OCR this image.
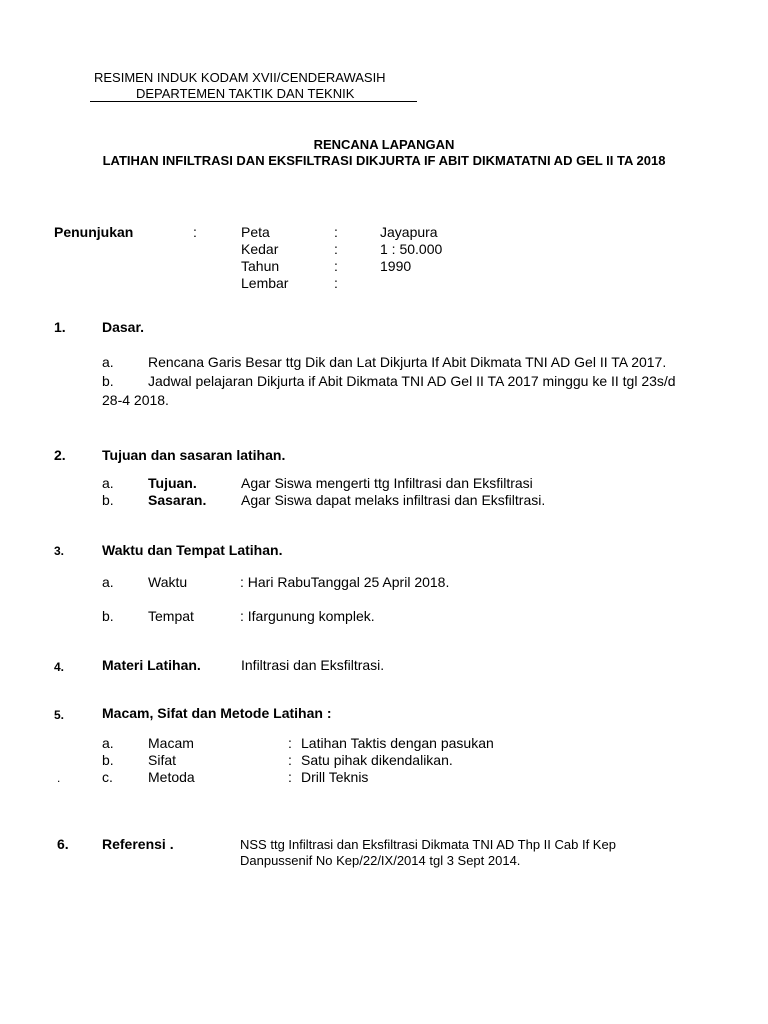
RESIMEN INDUK KODAM XVII/CENDERAWASIH
DEPARTEMEN TAKTIK DAN TEKNIK
RENCANA LAPANGAN
LATIHAN INFILTRASI DAN EKSFILTRASI DIKJURTA IF ABIT DIKMATATNI AD GEL II TA 2018
Penunjukan	:	Peta	:	Jayapura
Kedar	:	1 : 50.000
Tahun	:	1990
Lembar	:
1.	Dasar.
a. Rencana Garis Besar ttg Dik dan Lat Dikjurta If Abit Dikmata TNI AD Gel II TA 2017.
b. Jadwal pelajaran Dikjurta if Abit Dikmata TNI AD Gel II TA 2017 minggu ke II tgl 23s/d
28-4 2018.
2.	Tujuan dan sasaran latihan.
a. Tujuan.	Agar Siswa mengerti ttg Infiltrasi dan Eksfiltrasi
b. Sasaran. Agar Siswa dapat melaks infiltrasi dan Eksfiltrasi.
3.	Waktu dan Tempat Latihan.
a. Waktu	: Hari RabuTanggal 25 April 2018.
b. Tempat	: Ifargunung komplek.
4.	Materi Latihan.	Infiltrasi dan Eksfiltrasi.
5.	Macam, Sifat dan Metode Latihan :
a. Macam	: Latihan Taktis dengan pasukan
b. Sifat	: Satu pihak dikendalikan.
.	c.	Metoda	: Drill Teknis
6. Referensi .	NSS ttg Infiltrasi dan Eksfiltrasi Dikmata TNI AD Thp II Cab If Kep
Danpussenif No Kep/22/IX/2014 tgl 3 Sept 2014.
